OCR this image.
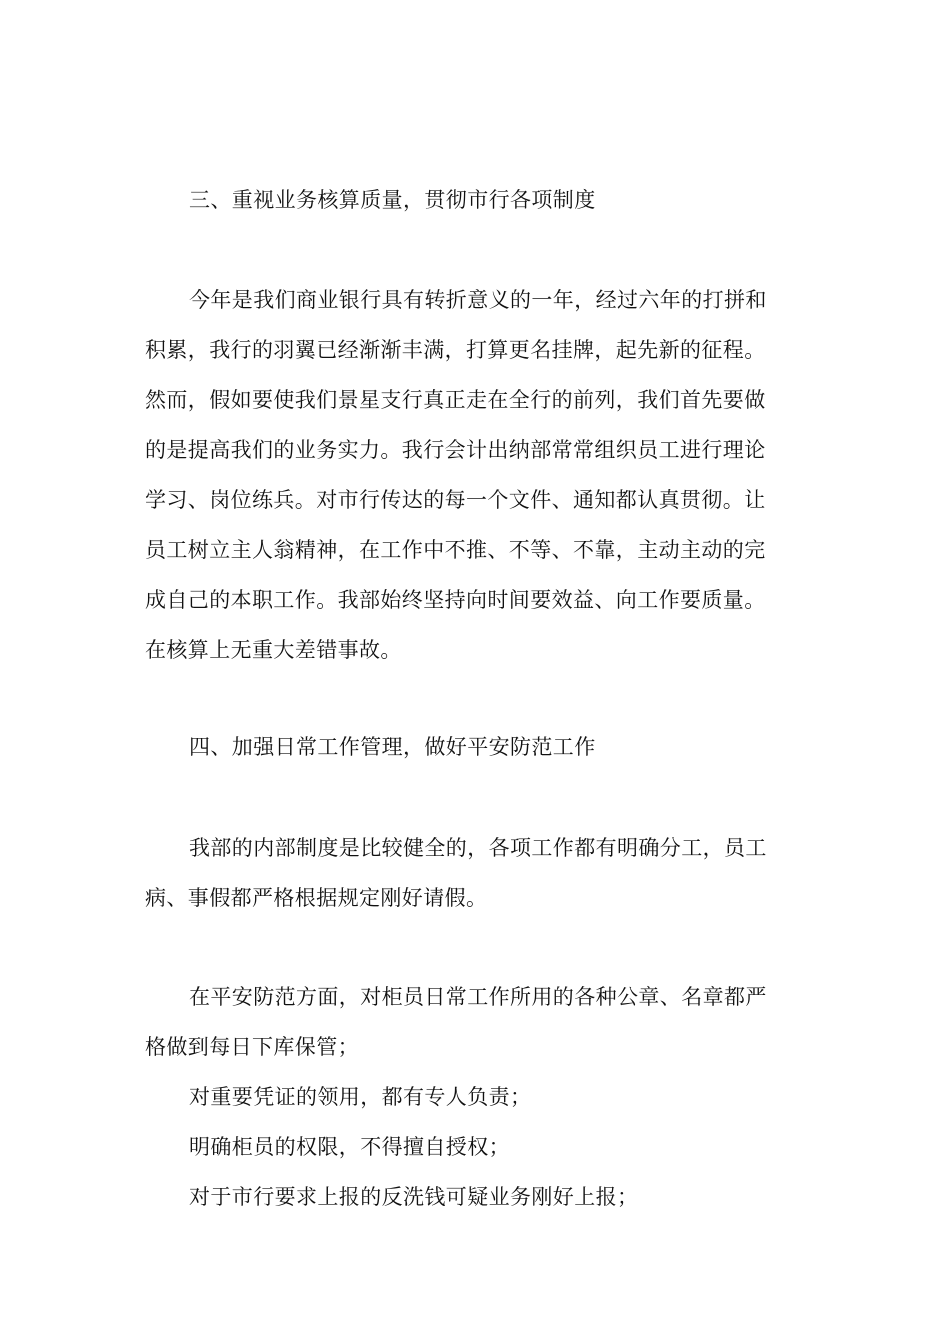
三、重视业务核算质量，贯彻市行各项制度
今年是我们商业银行具有转折意义的一年，经过六年的打拼和
积累，我行的羽翼已经渐渐丰满，打算更名挂牌，起先新的征程。
然而，假如要使我们景星支行真正走在全行的前列，我们首先要做
的是提高我们的业务实力。我行会计出纳部常常组织员工进行理论
学习、岗位练兵。对市行传达的每一个文件、通知都认真贯彻。让
员工树立主人翁精神，在工作中不推、不等、不靠，主动主动的完
成自己的本职工作。我部始终坚持向时间要效益、向工作要质量。
在核算上无重大差错事故。
四、加强日常工作管理，做好平安防范工作
我部的内部制度是比较健全的，各项工作都有明确分工，员工
病、事假都严格根据规定刚好请假。
在平安防范方面，对柜员日常工作所用的各种公章、名章都严
格做到每日下库保管；
对重要凭证的领用，都有专人负责；
明确柜员的权限，不得擅自授权；
对于市行要求上报的反洗钱可疑业务刚好上报；
